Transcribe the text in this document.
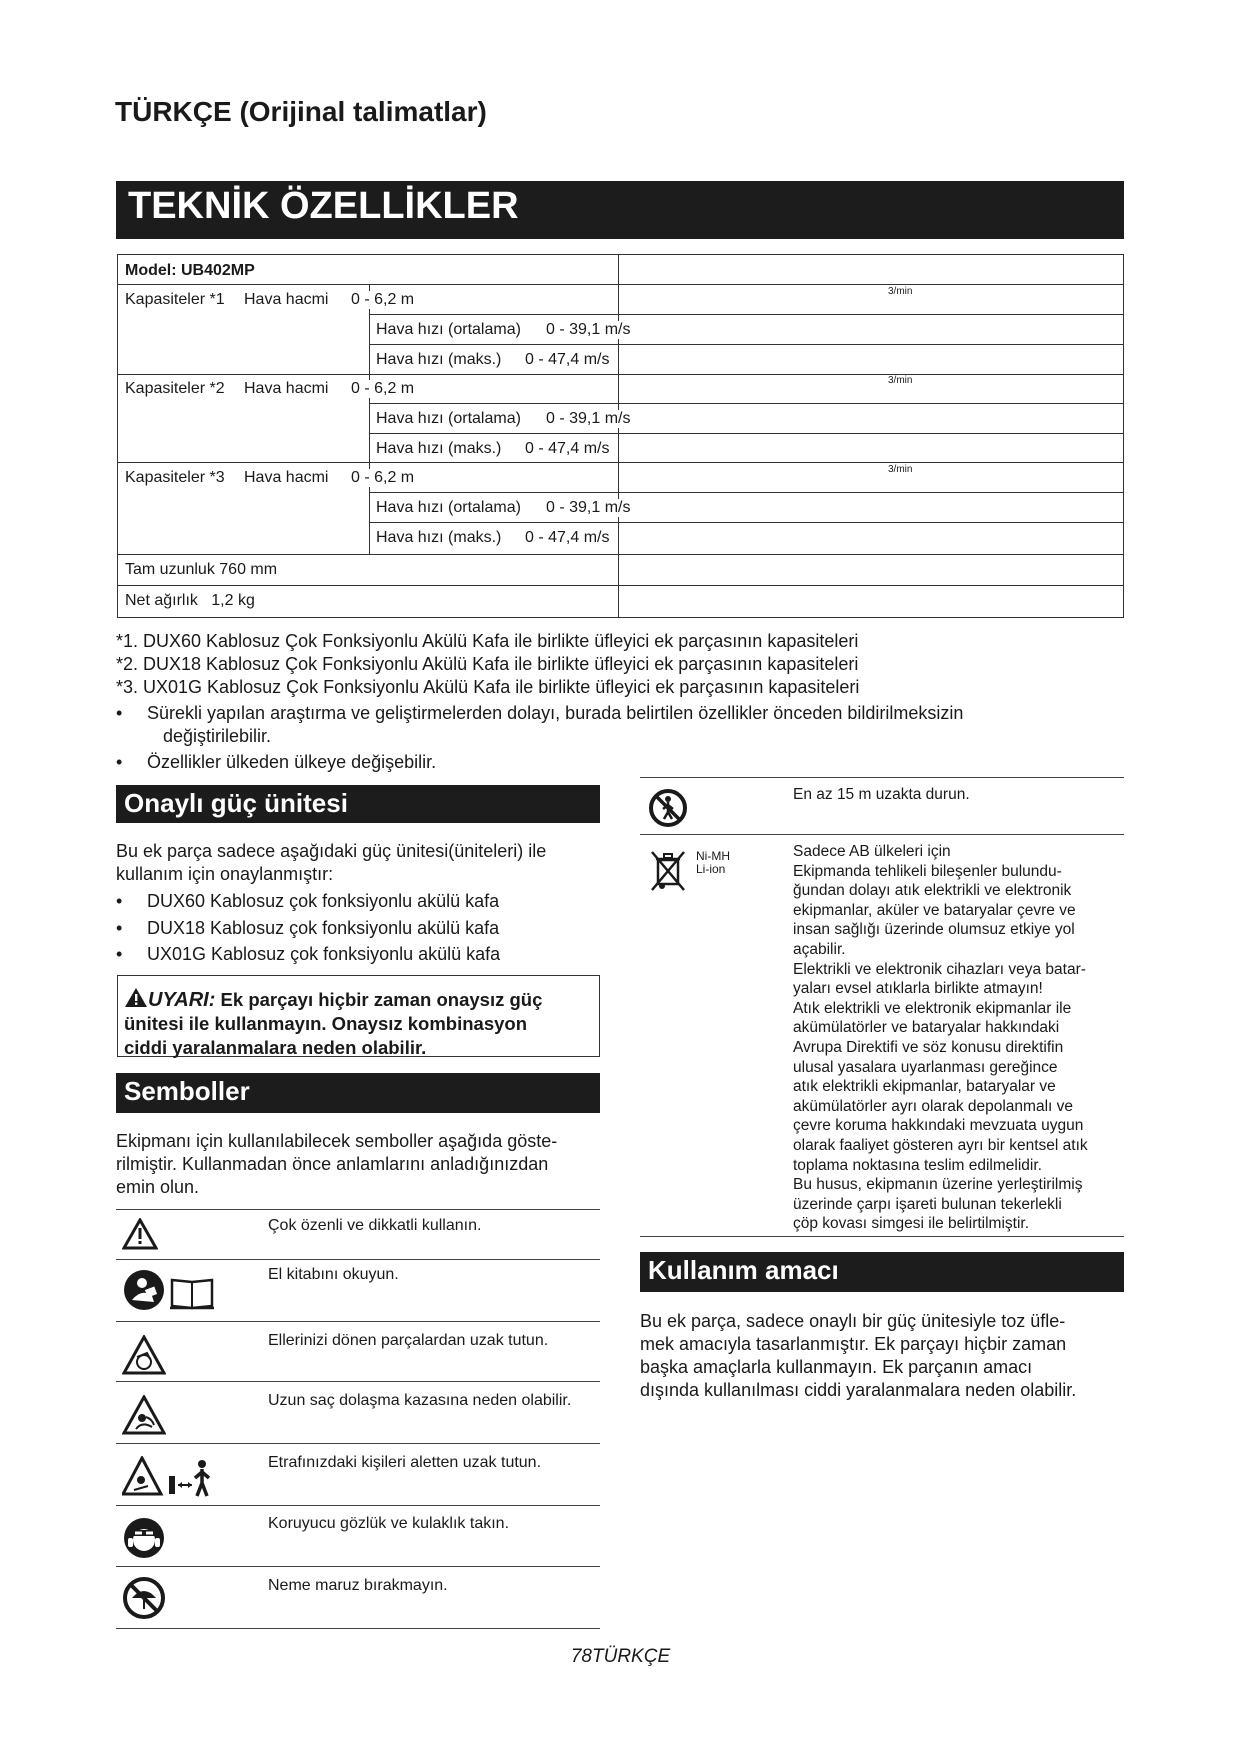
TÜRKÇE (Orijinal talimatlar)
TEKNİK ÖZELLİKLER
Model: UB402MP
Kapasiteler *1 Hava hacmi 0 - 6,2 m	$^{3/min}$
Hava hızı (ortalama) 0 - 39,1 m/s
Hava hızı (maks.) 0 - 47,4 m/s
Kapasiteler *2 Hava hacmi 0 - 6,2 m	$^{3/min}$
Hava hızı (ortalama) 0 - 39,1 m/s
Hava hızı (maks.) 0 - 47,4 m/s
Kapasiteler *3 Hava hacmi 0 - 6,2 m	$^{3/min}$
Hava hızı (ortalama) 0 - 39,1 m/s
Hava hızı (maks.) 0 - 47,4 m/s
Tam uzunluk 760 mm
Net ağırlık   1,2 kg
*1. DUX60 Kablosuz Çok Fonksiyonlu Akülü Kafa ile birlikte üfleyici ek parçasının kapasiteleri
*2. DUX18 Kablosuz Çok Fonksiyonlu Akülü Kafa ile birlikte üfleyici ek parçasının kapasiteleri
*3. UX01G Kablosuz Çok Fonksiyonlu Akülü Kafa ile birlikte üfleyici ek parçasının kapasiteleri
• Sürekli yapılan araştırma ve geliştirmelerden dolayı, burada belirtilen özellikler önceden bildirilmeksizin
değiştirilebilir.
• Özellikler ülkeden ülkeye değişebilir.
Onaylı güç ünitesi
Bu ek parça sadece aşağıdaki güç ünitesi(üniteleri) ile
kullanım için onaylanmıştır:
• DUX60 Kablosuz çok fonksiyonlu akülü kafa
• DUX18 Kablosuz çok fonksiyonlu akülü kafa
• UX01G Kablosuz çok fonksiyonlu akülü kafa
UYARI: Ek parçayı hiçbir zaman onaysız güç
ünitesi ile kullanmayın. Onaysız kombinasyon
ciddi yaralanmalara neden olabilir.
Semboller
Ekipmanı için kullanılabilecek semboller aşağıda göste-
rilmiştir. Kullanmadan önce anlamlarını anladığınızdan
emin olun.
Çok özenli ve dikkatli kullanın.
El kitabını okuyun.
Ellerinizi dönen parçalardan uzak tutun.
Uzun saç dolaşma kazasına neden olabilir.
Etrafınızdaki kişileri aletten uzak tutun.
Koruyucu gözlük ve kulaklık takın.
Neme maruz bırakmayın.
En az 15 m uzakta durun.
Ni-MH
Li-ion
Sadece AB ülkeleri için
Ekipmanda tehlikeli bileşenler bulundu-
ğundan dolayı atık elektrikli ve elektronik
ekipmanlar, aküler ve bataryalar çevre ve
insan sağlığı üzerinde olumsuz etkiye yol
açabilir.
Elektrikli ve elektronik cihazları veya batar-
yaları evsel atıklarla birlikte atmayın!
Atık elektrikli ve elektronik ekipmanlar ile
akümülatörler ve bataryalar hakkındaki
Avrupa Direktifi ve söz konusu direktifin
ulusal yasalara uyarlanması gereğince
atık elektrikli ekipmanlar, bataryalar ve
akümülatörler ayrı olarak depolanmalı ve
çevre koruma hakkındaki mevzuata uygun
olarak faaliyet gösteren ayrı bir kentsel atık
toplama noktasına teslim edilmelidir.
Bu husus, ekipmanın üzerine yerleştirilmiş
üzerinde çarpı işareti bulunan tekerlekli
çöp kovası simgesi ile belirtilmiştir.
Kullanım amacı
Bu ek parça, sadece onaylı bir güç ünitesiyle toz üfle-
mek amacıyla tasarlanmıştır. Ek parçayı hiçbir zaman
başka amaçlarla kullanmayın. Ek parçanın amacı
dışında kullanılması ciddi yaralanmalara neden olabilir.
78TÜRKÇE
